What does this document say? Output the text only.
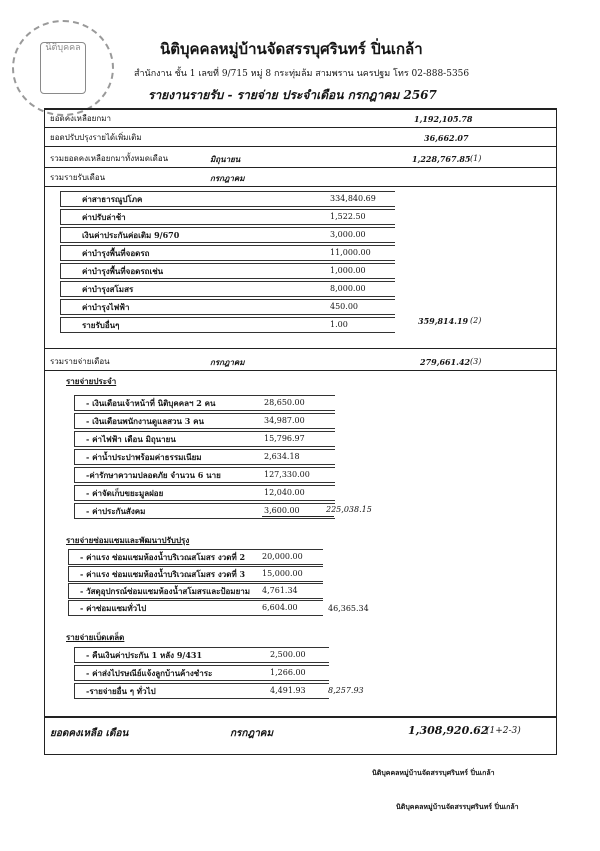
นิติบุคคล	นิติบุคคลหมู่บ้านจัดสรรบุศรินทร์ ปิ่นเกล้า
สำนักงาน ชั้น 1 เลขที่ 9/715 หมู่ 8 กระทุ่มล้ม สามพราน นครปฐม โทร 02-888-5356
รายงานรายรับ - รายจ่าย ประจำเดือน กรกฎาคม 2567
ยอดคงเหลือยกมา	1,192,105.78
ยอดปรับปรุงรายได้เพิ่มเติม	36,662.07
รวมยอดคงเหลือยกมาทั้งหมดเดือน	มิถุนายน	1,228,767.85 (1)
รวมรายรับเดือน	กรกฎาคม
ค่าสาธารณูปโภค	334,840.69
ค่าปรับล่าช้า	1,522.50
เงินค่าประกันค่อเติม 9/670	3,000.00
ค่าบำรุงพื้นที่จอดรถ	11,000.00
ค่าบำรุงพื้นที่จอดรถเช่น	1,000.00
ค่าบำรุงสโมสร	8,000.00
ค่าบำรุงไฟฟ้า	450.00
รายรับอื่นๆ	1.00	359,814.19 (2)
รวมรายจ่ายเดือน	กรกฎาคม	279,661.42 (3)
รายจ่ายประจำ
- เงินเดือนเจ้าหน้าที่ นิติบุคคลฯ 2 คน	28,650.00
- เงินเดือนพนักงานดูแลสวน 3 คน	34,987.00
- ค่าไฟฟ้า เดือน มิถุนายน	15,796.97
- ค่าน้ำประปาพร้อมค่าธรรมเนียม	2,634.18
-ค่ารักษาความปลอดภัย จำนวน 6 นาย	127,330.00
- ค่าจัดเก็บขยะมูลฝอย	12,040.00
- ค่าประกันสังคม	3,600.00	225,038.15
รายจ่ายซ่อมแซมและพัฒนาปรับปรุง
- ค่าแรง ซ่อมแซมห้องน้ำบริเวณสโมสร งวดที่ 2 20,000.00
- ค่าแรง ซ่อมแซมห้องน้ำบริเวณสโมสร งวดที่ 3 15,000.00
- วัสดุอุปกรณ์ซ่อมแซมห้องน้ำสโมสรและป้อมยาม 4,761.34
- ค่าซ่อมแซมทั่วไป	6,604.00	46,365.34
รายจ่ายเบ็ดเตล็ด
- คืนเงินค่าประกัน 1 หลัง 9/431	2,500.00
- ค่าส่งไปรษณีย์แจ้งลูกบ้านค้างชำระ	1,266.00
-รายจ่ายอื่น ๆ ทั่วไป	4,491.93	8,257.93
ยอดคงเหลือ เดือน	กรกฎาคม	1,308,920.62
(1+2-3)
นิติบุคคลหมู่บ้านจัดสรรบุศรินทร์ ปิ่นเกล้า
นิติบุคคลหมู่บ้านจัดสรรบุศรินทร์ ปิ่นเกล้า
